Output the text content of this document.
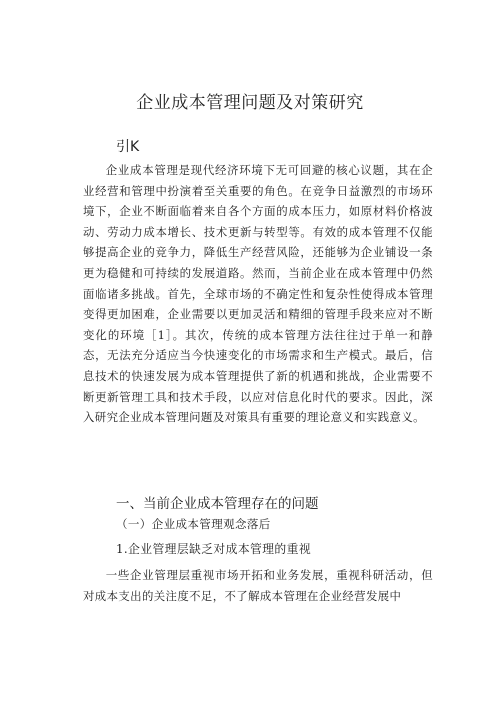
企业成本管理问题及对策研究
引K

企业成本管理是现代经济环境下无可回避的核心议题，其在企业经营和管理中扮演着至关重要的角色。在竞争日益激烈的市场环境下，企业不断面临着来自各个方面的成本压力，如原材料价格波动、劳动力成本增长、技术更新与转型等。有效的成本管理不仅能够提高企业的竞争力，降低生产经营风险，还能够为企业铺设一条更为稳健和可持续的发展道路。然而，当前企业在成本管理中仍然面临诸多挑战。首先，全球市场的不确定性和复杂性使得成本管理变得更加困难，企业需要以更加灵活和精细的管理手段来应对不断变化的环境［1］。其次，传统的成本管理方法往往过于单一和静态，无法充分适应当今快速变化的市场需求和生产模式。最后，信息技术的快速发展为成本管理提供了新的机遇和挑战，企业需要不断更新管理工具和技术手段，以应对信息化时代的要求。因此，深入研究企业成本管理问题及对策具有重要的理论意义和实践意义。

一、当前企业成本管理存在的问题
（一）企业成本管理观念落后
1.企业管理层缺乏对成本管理的重视

一些企业管理层重视市场开拓和业务发展，重视科研活动，但对成本支出的关注度不足，不了解成本管理在企业经营发展中
